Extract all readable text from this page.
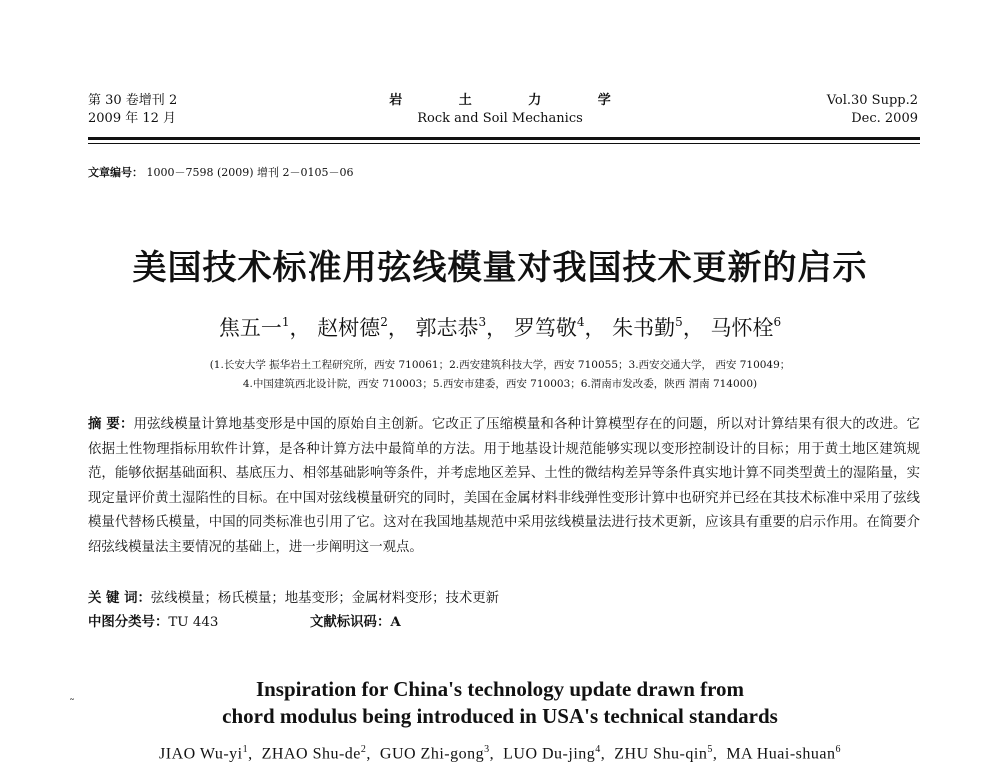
第 30 卷增刊 2
2009 年 12 月
岩 土 力 学
Rock and Soil Mechanics
Vol.30 Supp.2
Dec. 2009
文章编号： 1000－7598 (2009) 增刊 2－0105－06
美国技术标准用弦线模量对我国技术更新的启示
焦五一$^1$， 赵树德$^2$， 郭志恭$^3$， 罗笃敬$^4$， 朱书勤$^5$， 马怀栓$^6$
(1.长安大学 振华岩土工程研究所，西安 710061；2.西安建筑科技大学，西安 710055；3.西安交通大学， 西安 710049；
4.中国建筑西北设计院，西安 710003；5.西安市建委，西安 710003；6.渭南市发改委，陕西 渭南 714000)
摘 要：用弦线模量计算地基变形是中国的原始自主创新。它改正了压缩模量和各种计算模型存在的问题，所以对计算结果有很大的改进。它依据土性物理指标用软件计算，是各种计算方法中最简单的方法。用于地基设计规范能够实现以变形控制设计的目标；用于黄土地区建筑规范，能够依据基础面积、基底压力、相邻基础影响等条件，并考虑地区差异、土性的微结构差异等条件真实地计算不同类型黄土的湿陷量，实现定量评价黄土湿陷性的目标。在中国对弦线模量研究的同时，美国在金属材料非线弹性变形计算中也研究并已经在其技术标准中采用了弦线模量代替杨氏模量，中国的同类标准也引用了它。这对在我国地基规范中采用弦线模量法进行技术更新，应该具有重要的启示作用。在简要介绍弦线模量法主要情况的基础上，进一步阐明这一观点。
关 键 词：弦线模量；杨氏模量；地基变形；金属材料变形；技术更新
中图分类号：TU 443	文献标识码：A
˜
Inspiration for China's technology update drawn from
chord modulus being introduced in USA's technical standards
JIAO $Wu-yi^1$,  ZHAO Shu-$de^2$,  GUO Zhi-gong$^3$,  LUO Du-jing$^4$,  ZHU Shu-qin$^5$,  MA Huai-shuan$^6$
